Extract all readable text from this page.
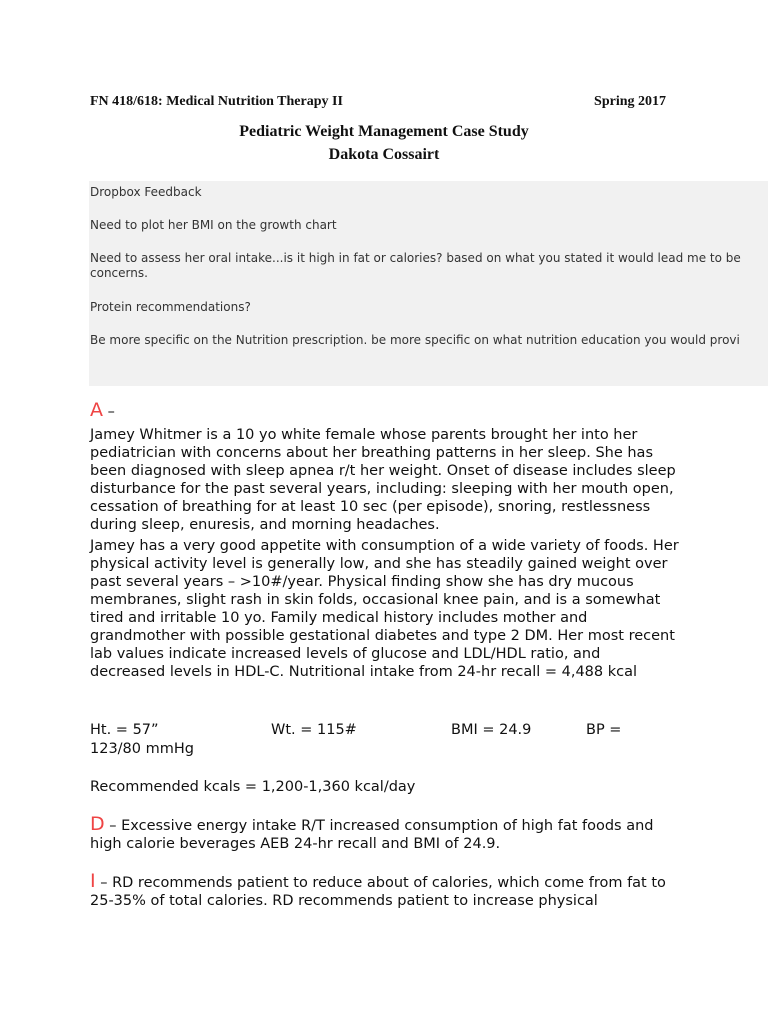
FN 418/618: Medical Nutrition Therapy II	Spring 2017
Pediatric Weight Management Case Study
Dakota Cossairt
Dropbox Feedback
Need to plot her BMI on the growth chart
Need to assess her oral intake...is it high in fat or calories? based on what you stated it would lead me to be
concerns.
Protein recommendations?
Be more specific on the Nutrition prescription. be more specific on what nutrition education you would provi
A –
Jamey Whitmer is a 10 yo white female whose parents brought her into her pediatrician with concerns about her breathing patterns in her sleep. She has been diagnosed with sleep apnea r/t her weight. Onset of disease includes sleep disturbance for the past several years, including: sleeping with her mouth open, cessation of breathing for at least 10 sec (per episode), snoring, restlessness during sleep, enuresis, and morning headaches.
Jamey has a very good appetite with consumption of a wide variety of foods. Her physical activity level is generally low, and she has steadily gained weight over past several years – >10#/year. Physical finding show she has dry mucous membranes, slight rash in skin folds, occasional knee pain, and is a somewhat tired and irritable 10 yo. Family medical history includes mother and grandmother with possible gestational diabetes and type 2 DM. Her most recent lab values indicate increased levels of glucose and LDL/HDL ratio, and decreased levels in HDL-C. Nutritional intake from 24-hr recall = 4,488 kcal
Ht. = 57”	Wt. = 115#	BMI = 24.9	BP =
123/80 mmHg
Recommended kcals = 1,200-1,360 kcal/day
D – Excessive energy intake R/T increased consumption of high fat foods and high calorie beverages AEB 24-hr recall and BMI of 24.9.
I – RD recommends patient to reduce about of calories, which come from fat to 25-35% of total calories. RD recommends patient to increase physical
